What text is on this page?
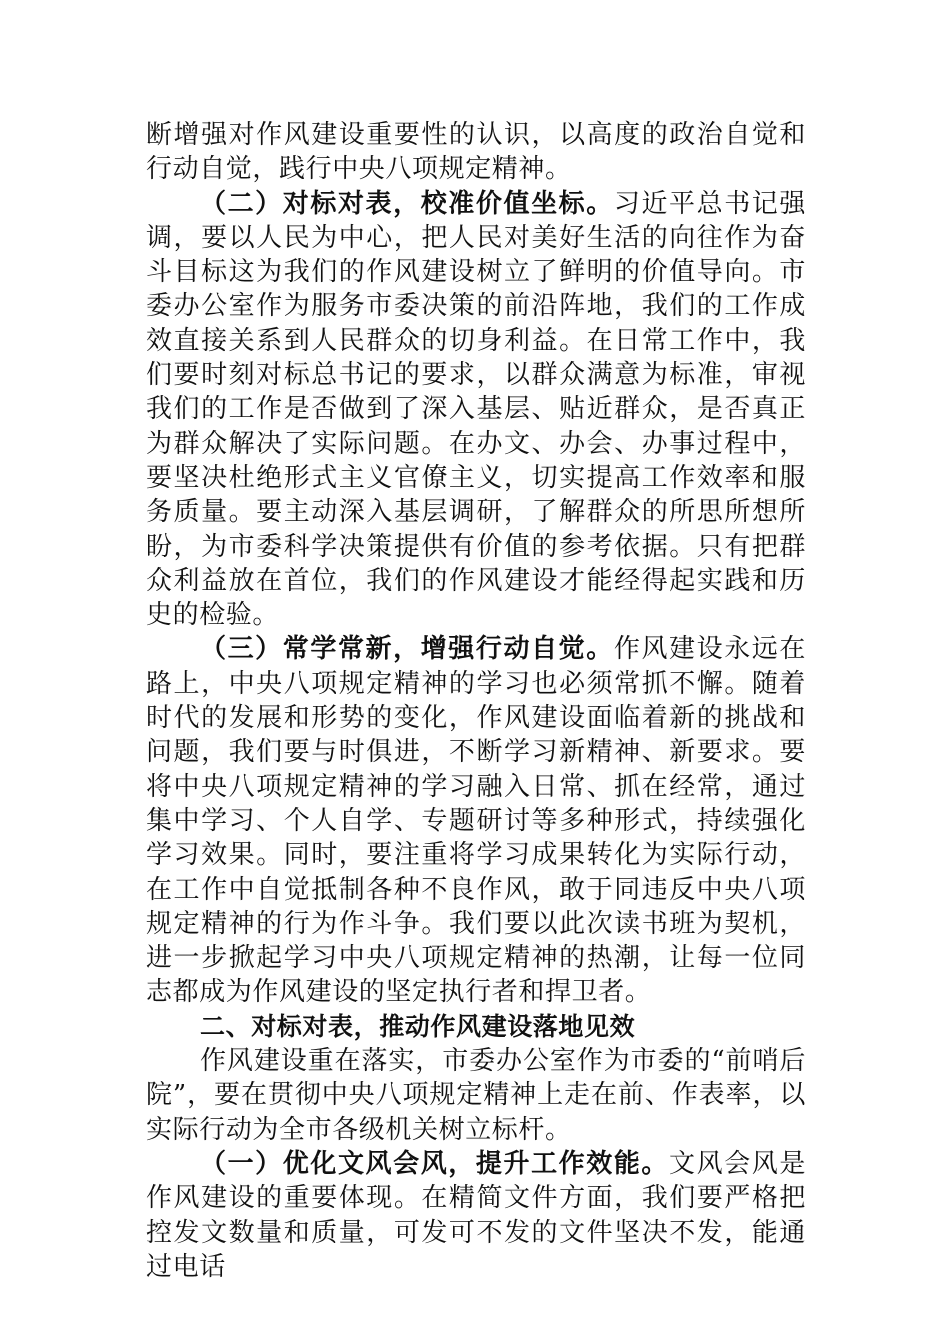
断增强对作风建设重要性的认识，以高度的政治自觉和行动自觉，践行中央八项规定精神。

（二）对标对表，校准价值坐标。习近平总书记强调，要以人民为中心，把人民对美好生活的向往作为奋斗目标这为我们的作风建设树立了鲜明的价值导向。市委办公室作为服务市委决策的前沿阵地，我们的工作成效直接关系到人民群众的切身利益。在日常工作中，我们要时刻对标总书记的要求，以群众满意为标准，审视我们的工作是否做到了深入基层、贴近群众，是否真正为群众解决了实际问题。在办文、办会、办事过程中，要坚决杜绝形式主义官僚主义，切实提高工作效率和服务质量。要主动深入基层调研，了解群众的所思所想所盼，为市委科学决策提供有价值的参考依据。只有把群众利益放在首位，我们的作风建设才能经得起实践和历史的检验。

（三）常学常新，增强行动自觉。作风建设永远在路上，中央八项规定精神的学习也必须常抓不懈。随着时代的发展和形势的变化，作风建设面临着新的挑战和问题，我们要与时俱进，不断学习新精神、新要求。要将中央八项规定精神的学习融入日常、抓在经常，通过集中学习、个人自学、专题研讨等多种形式，持续强化学习效果。同时，要注重将学习成果转化为实际行动，在工作中自觉抵制各种不良作风，敢于同违反中央八项规定精神的行为作斗争。我们要以此次读书班为契机，进一步掀起学习中央八项规定精神的热潮，让每一位同志都成为作风建设的坚定执行者和捍卫者。

二、对标对表，推动作风建设落地见效

作风建设重在落实，市委办公室作为市委的“前哨后院”，要在贯彻中央八项规定精神上走在前、作表率，以实际行动为全市各级机关树立标杆。

（一）优化文风会风，提升工作效能。文风会风是作风建设的重要体现。在精简文件方面，我们要严格把控发文数量和质量，可发可不发的文件坚决不发，能通过电话
